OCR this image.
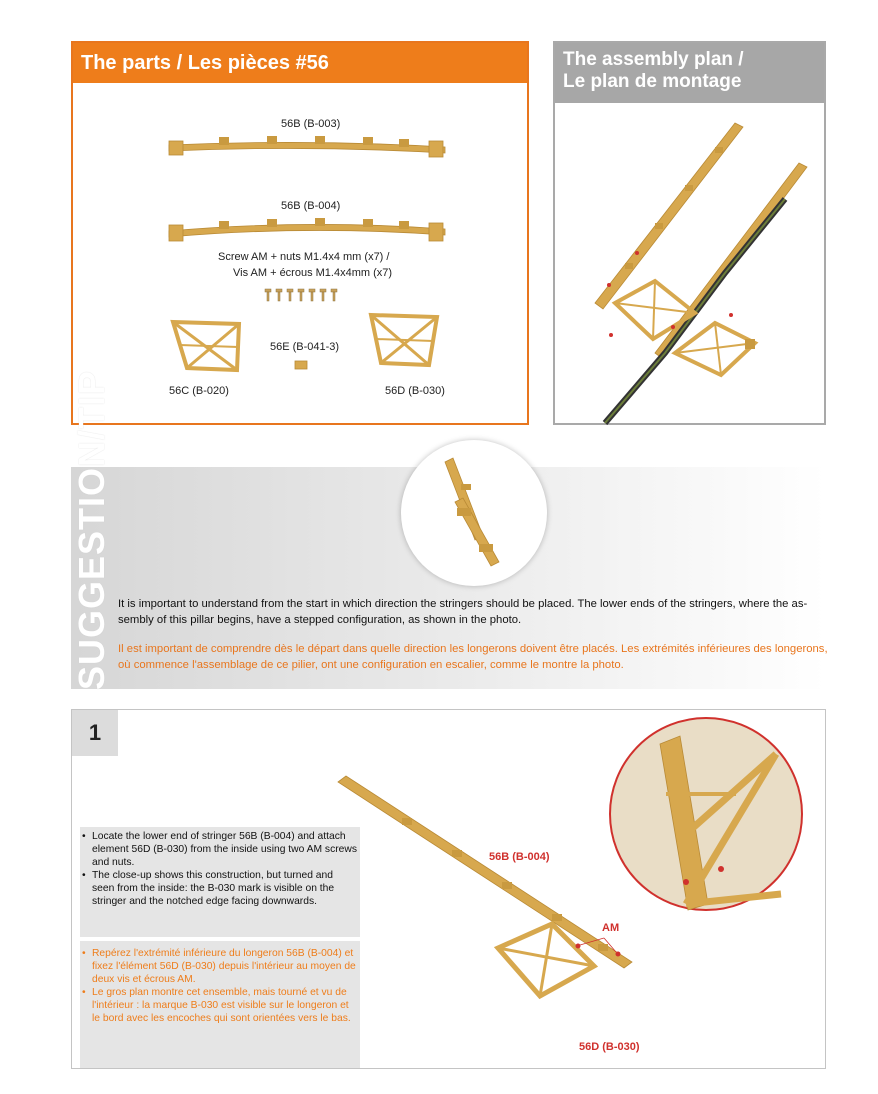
The parts / Les pièces #56
56B (B-003)
56B (B-004)
Screw AM + nuts M1.4x4 mm (x7) /
Vis AM + écrous M1.4x4mm (x7)
56E (B-041-3)
56C (B-020)	56D (B-030)
The assembly plan /
Le plan de montage
SUGGESTION/TIP It is important to understand from the start in which direction the stringers should be placed. The lower ends of the stringers, where the as-sembly of this pillar begins, have a stepped configuration, as shown in the photo.
Il est important de comprendre dès le départ dans quelle direction les longerons doivent être placés. Les extrémités inférieures des longerons, où commence l'assemblage de ce pilier, ont une configuration en escalier, comme le montre la photo.
1
• Locate the lower end of stringer 56B (B-004) and attach element 56D (B-030) from the inside using two AM screws and nuts.
• The close-up shows this construction, but turned and seen from the inside: the B-030 mark is visible on the stringer and the notched edge facing downwards.
• Repérez l'extrémité inférieure du longeron 56B (B-004) et fixez l'élément 56D (B-030) depuis l'intérieur au moyen de deux vis et écrous AM.
• Le gros plan montre cet ensemble, mais tourné et vu de l'intérieur : la marque B-030 est visible sur le longeron et le bord avec les encoches qui sont orientées vers le bas.
56B (B-004)
AM
56D (B-030)
